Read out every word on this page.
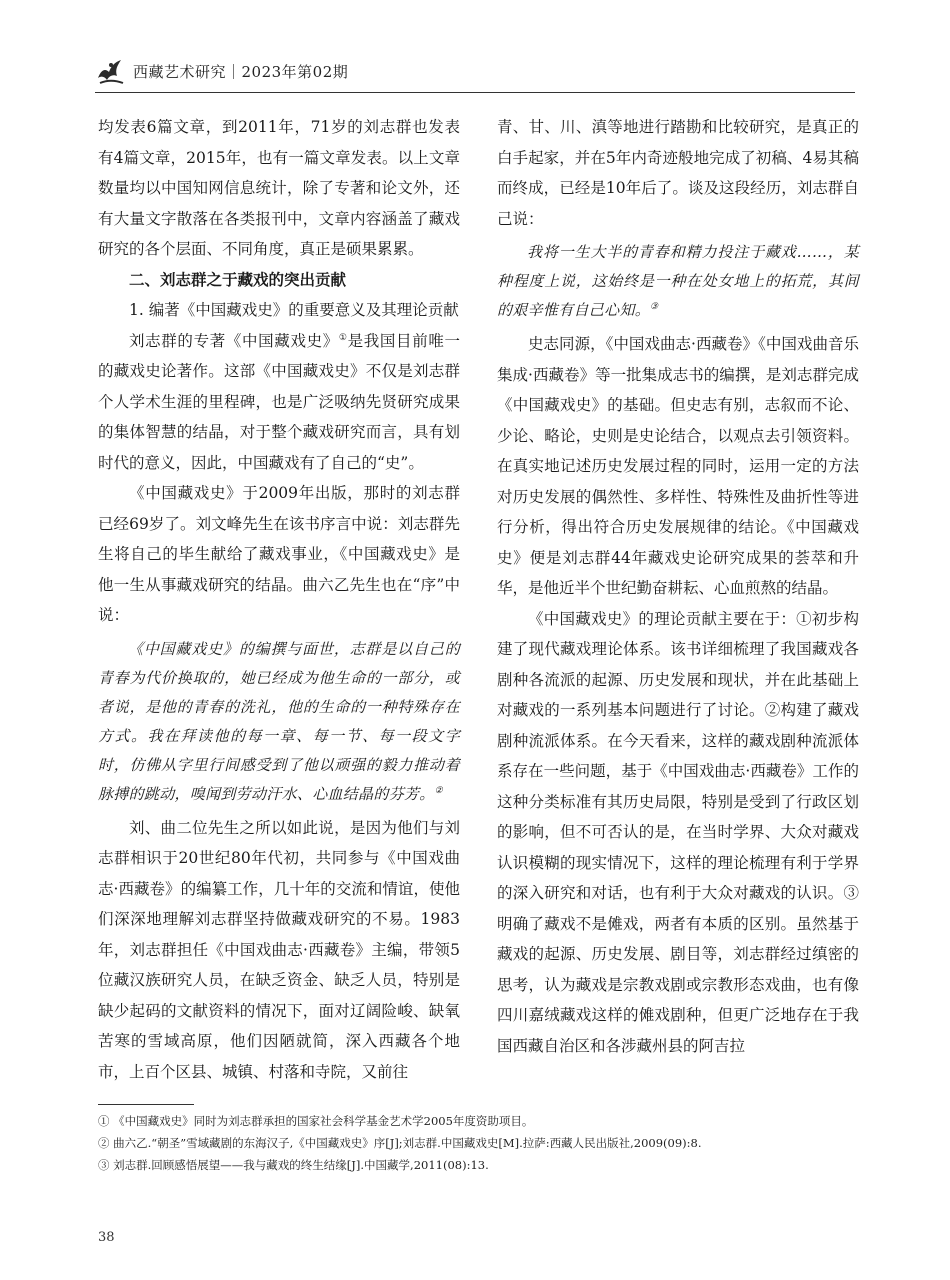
西藏艺术研究｜2023年第02期

均发表6篇文章，到2011年，71岁的刘志群也发表有4篇文章，2015年，也有一篇文章发表。以上文章数量均以中国知网信息统计，除了专著和论文外，还有大量文字散落在各类报刊中，文章内容涵盖了藏戏研究的各个层面、不同角度，真正是硕果累累。

二、刘志群之于藏戏的突出贡献
1. 编著《中国藏戏史》的重要意义及其理论贡献

刘志群的专著《中国藏戏史》①是我国目前唯一的藏戏史论著作。这部《中国藏戏史》不仅是刘志群个人学术生涯的里程碑，也是广泛吸纳先贤研究成果的集体智慧的结晶，对于整个藏戏研究而言，具有划时代的意义，因此，中国藏戏有了自己的“史”。

《中国藏戏史》于2009年出版，那时的刘志群已经69岁了。刘文峰先生在该书序言中说：刘志群先生将自己的毕生献给了藏戏事业，《中国藏戏史》是他一生从事藏戏研究的结晶。曲六乙先生也在“序”中说：

《中国藏戏史》的编撰与面世，志群是以自己的青春为代价换取的，她已经成为他生命的一部分，或者说，是他的青春的洗礼，他的生命的一种特殊存在方式。我在拜读他的每一章、每一节、每一段文字时，仿佛从字里行间感受到了他以顽强的毅力推动着脉搏的跳动，嗅闻到劳动汗水、心血结晶的芬芳。②

刘、曲二位先生之所以如此说，是因为他们与刘志群相识于20世纪80年代初，共同参与《中国戏曲志·西藏卷》的编纂工作，几十年的交流和情谊，使他们深深地理解刘志群坚持做藏戏研究的不易。1983年，刘志群担任《中国戏曲志·西藏卷》主编，带领5位藏汉族研究人员，在缺乏资金、缺乏人员，特别是缺少起码的文献资料的情况下，面对辽阔险峻、缺氧苦寒的雪域高原，他们因陋就简，深入西藏各个地市，上百个区县、城镇、村落和寺院，又前往

青、甘、川、滇等地进行踏勘和比较研究，是真正的白手起家，并在5年内奇迹般地完成了初稿、4易其稿而终成，已经是10年后了。谈及这段经历，刘志群自己说：

我将一生大半的青春和精力投注于藏戏……，某种程度上说，这始终是一种在处女地上的拓荒，其间的艰辛惟有自己心知。③

史志同源，《中国戏曲志·西藏卷》《中国戏曲音乐集成·西藏卷》等一批集成志书的编撰，是刘志群完成《中国藏戏史》的基础。但史志有别，志叙而不论、少论、略论，史则是史论结合，以观点去引领资料。在真实地记述历史发展过程的同时，运用一定的方法对历史发展的偶然性、多样性、特殊性及曲折性等进行分析，得出符合历史发展规律的结论。《中国藏戏史》便是刘志群44年藏戏史论研究成果的荟萃和升华，是他近半个世纪勤奋耕耘、心血煎熬的结晶。

《中国藏戏史》的理论贡献主要在于：①初步构建了现代藏戏理论体系。该书详细梳理了我国藏戏各剧种各流派的起源、历史发展和现状，并在此基础上对藏戏的一系列基本问题进行了讨论。②构建了藏戏剧种流派体系。在今天看来，这样的藏戏剧种流派体系存在一些问题，基于《中国戏曲志·西藏卷》工作的这种分类标准有其历史局限，特别是受到了行政区划的影响，但不可否认的是，在当时学界、大众对藏戏认识模糊的现实情况下，这样的理论梳理有利于学界的深入研究和对话，也有利于大众对藏戏的认识。③明确了藏戏不是傩戏，两者有本质的区别。虽然基于藏戏的起源、历史发展、剧目等，刘志群经过缜密的思考，认为藏戏是宗教戏剧或宗教形态戏曲，也有像四川嘉绒藏戏这样的傩戏剧种，但更广泛地存在于我国西藏自治区和各涉藏州县的阿吉拉

① 《中国藏戏史》同时为刘志群承担的国家社会科学基金艺术学2005年度资助项目。
② 曲六乙.“朝圣”雪域藏剧的东海汉子,《中国藏戏史》序[J];刘志群.中国藏戏史[M].拉萨:西藏人民出版社,2009(09):8.
③ 刘志群.回顾感悟展望——我与藏戏的终生结缘[J].中国藏学,2011(08):13.
38
